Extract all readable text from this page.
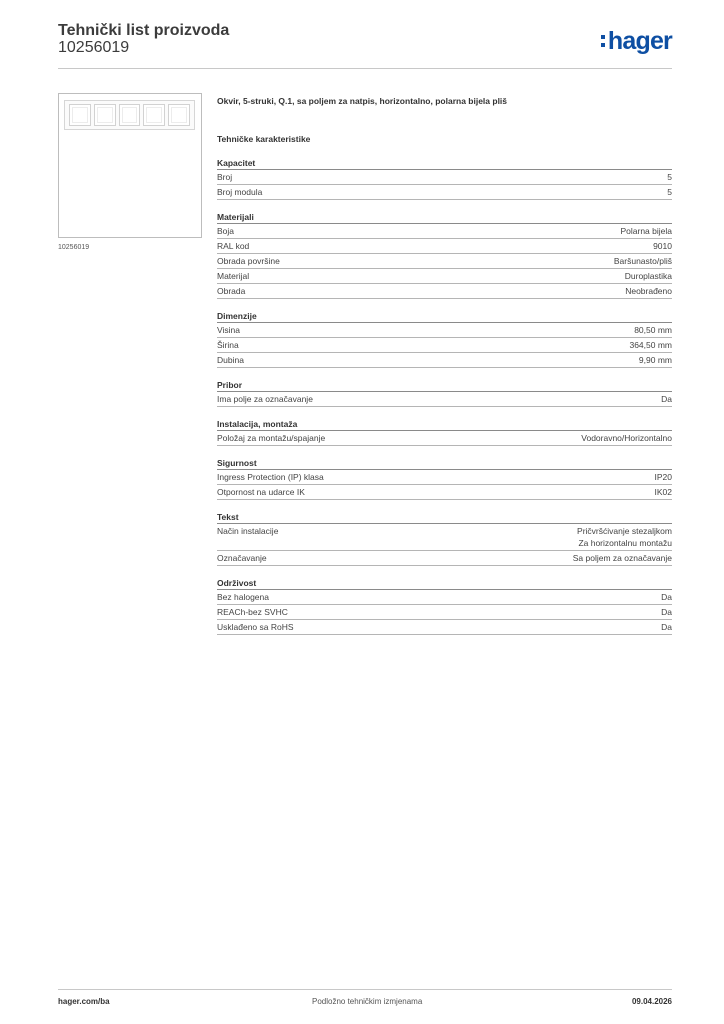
Tehnički list proizvoda
10256019	hager
10256019
Okvir, 5-struki, Q.1, sa poljem za natpis, horizontalno, polarna bijela pliš
Tehničke karakteristike
Kapacitet
Broj	5
Broj modula	5
Materijali
Boja	Polarna bijela
RAL kod	9010
Obrada površine	Baršunasto/pliš
Materijal	Duroplastika
Obrada	Neobrađeno
Dimenzije
Visina	80,50 mm
Širina	364,50 mm
Dubina	9,90 mm
Pribor
Ima polje za označavanje	Da
Instalacija, montaža
Položaj za montažu/spajanje	Vodoravno/Horizontalno
Sigurnost
Ingress Protection (IP) klasa	IP20
Otpornost na udarce IK	IK02
Tekst
Način instalacije	Pričvršćivanje stezaljkom
Za horizontalnu montažu
Označavanje	Sa poljem za označavanje
Održivost
Bez halogena	Da
REACh-bez SVHC	Da
Usklađeno sa RoHS	Da
hager.com/ba	Podložno tehničkim izmjenama	09.04.2026
